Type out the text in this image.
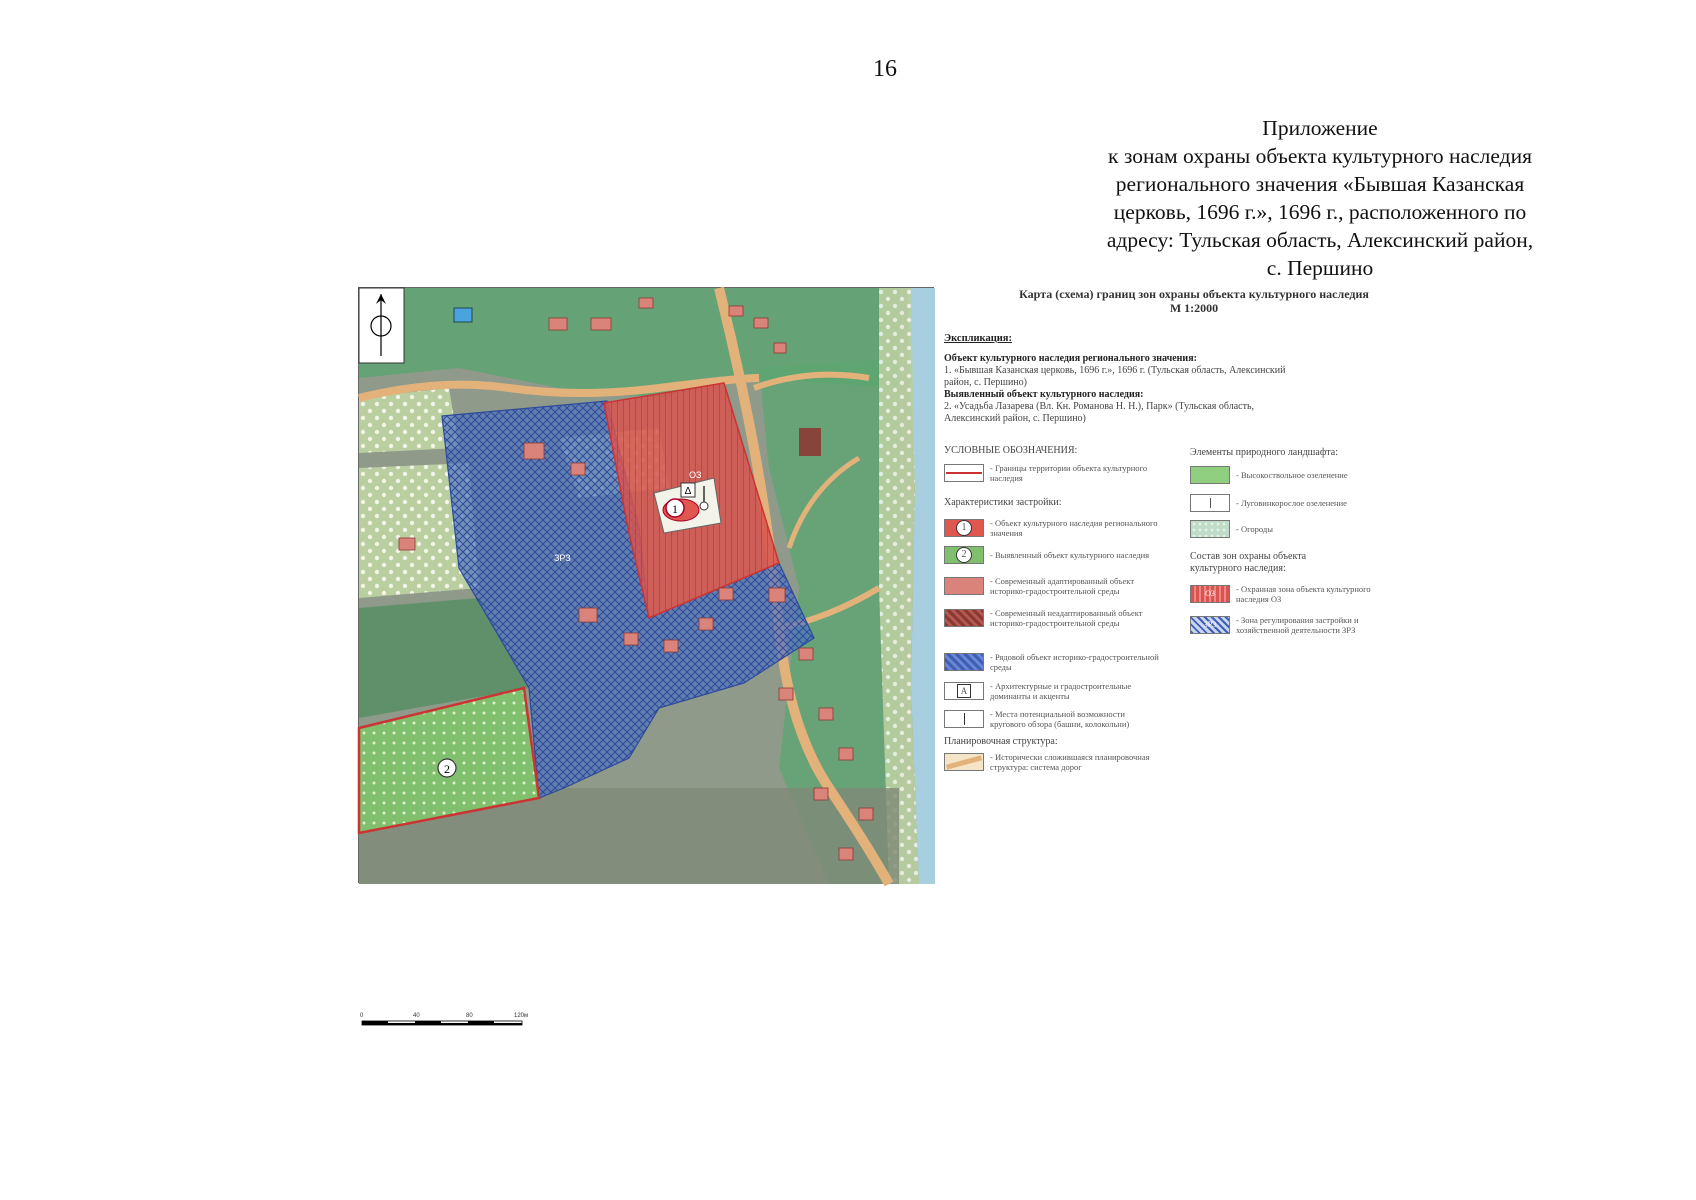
16
Приложение
к зонам охраны объекта культурного наследия
регионального значения «Бывшая Казанская
церковь, 1696 г.», 1696 г., расположенного по
адресу: Тульская область, Алексинский район,
с. Першино
1
Δ
ОЗ
ЗРЗ
2
Карта (схема) границ зон охраны объекта культурного наследия
М 1:2000
Экспликация:
Объект культурного наследия регионального значения:
1. «Бывшая Казанская церковь, 1696 г.», 1696 г. (Тульская область, Алексинский
район, с. Першино)
Выявленный объект культурного наследия:
2. «Усадьба Лазарева (Вл. Кн. Романова Н. Н.), Парк» (Тульская область,
Алексинский район, с. Першино)
УСЛОВНЫЕ ОБОЗНАЧЕНИЯ:
- Границы территории объекта культурного наследия
Характеристики застройки:
1	- Объект культурного наследия регионального значения
2	- Выявленный объект культурного наследия
- Современный адаптированный объект историко-градостроительной среды
- Современный неадаптированный объект историко-градостроительной среды
- Рядовой объект историко-градостроительной среды
А	- Архитектурные и градостроительные доминанты и акценты
- Места потенциальной возможности кругового обзора (башни, колокольни)
Планировочная структура:
- Исторически сложившаяся планировочная структура: система дорог
Элементы природного ландшафта:
- Высокоствольное озеленение
- Луговинкорослое озеленение
- Огороды
Состав зон охраны объекта
культурного наследия:
ОЗ	- Охранная зона объекта культурного наследия ОЗ
ЗРЗ	- Зона регулирования застройки и хозяйственной деятельности ЗРЗ
0	40	80	120м
